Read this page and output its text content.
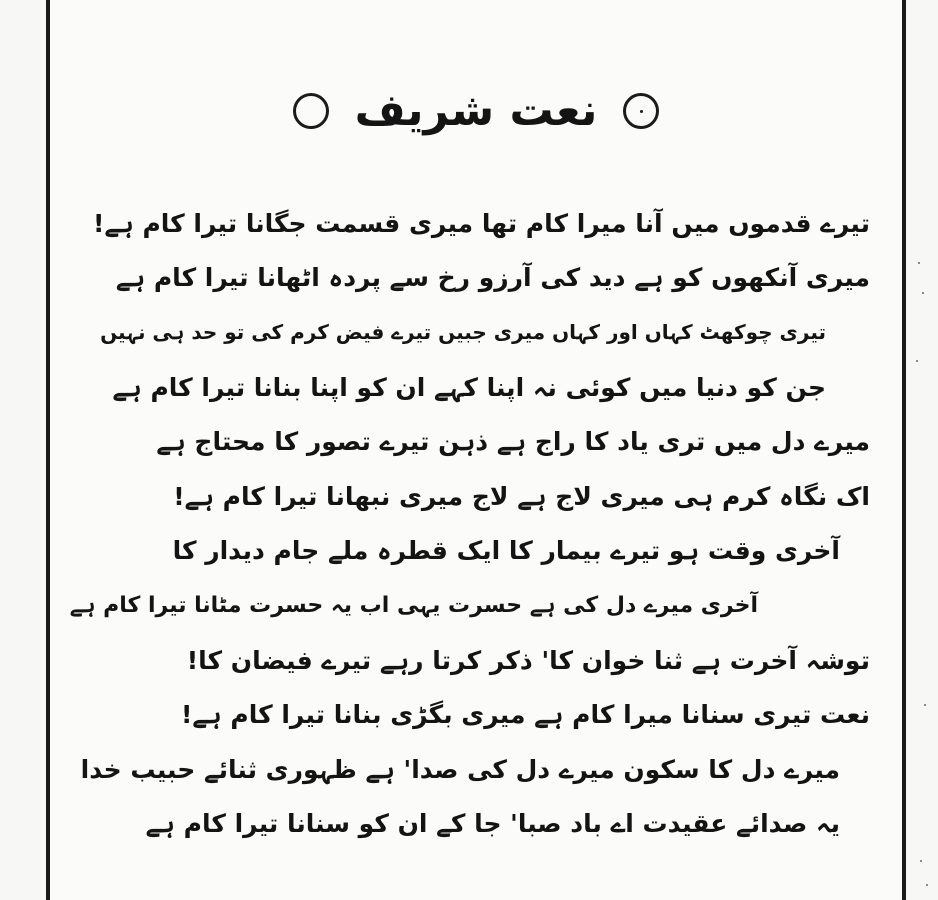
نعت شریف
تیرے قدموں میں آنا میرا کام تھا میری قسمت جگانا تیرا کام ہے!
میری آنکھوں کو ہے دید کی آرزو رخ سے پردہ اٹھانا تیرا کام ہے
تیری چوکھٹ کہاں اور کہاں میری جبیں تیرے فیض کرم کی تو حد ہی نہیں
جن کو دنیا میں کوئی نہ اپنا کہے ان کو اپنا بنانا تیرا کام ہے
میرے دل میں تری یاد کا راج ہے ذہن تیرے تصور کا محتاج ہے
اک نگاہ کرم ہی میری لاج ہے لاج میری نبھانا تیرا کام ہے!
آخری وقت ہو تیرے بیمار کا ایک قطرہ ملے جام دیدار کا
آخری میرے دل کی ہے حسرت یہی اب یہ حسرت مٹانا تیرا کام ہے
توشہ آخرت ہے ثنا خوان کا' ذکر کرتا رہے تیرے فیضان کا!
نعت تیری سنانا میرا کام ہے میری بگڑی بنانا تیرا کام ہے!
میرے دل کا سکون میرے دل کی صدا' ہے ظہوری ثنائے حبیب خدا
یہ صدائے عقیدت اے باد صبا' جا کے ان کو سنانا تیرا کام ہے
